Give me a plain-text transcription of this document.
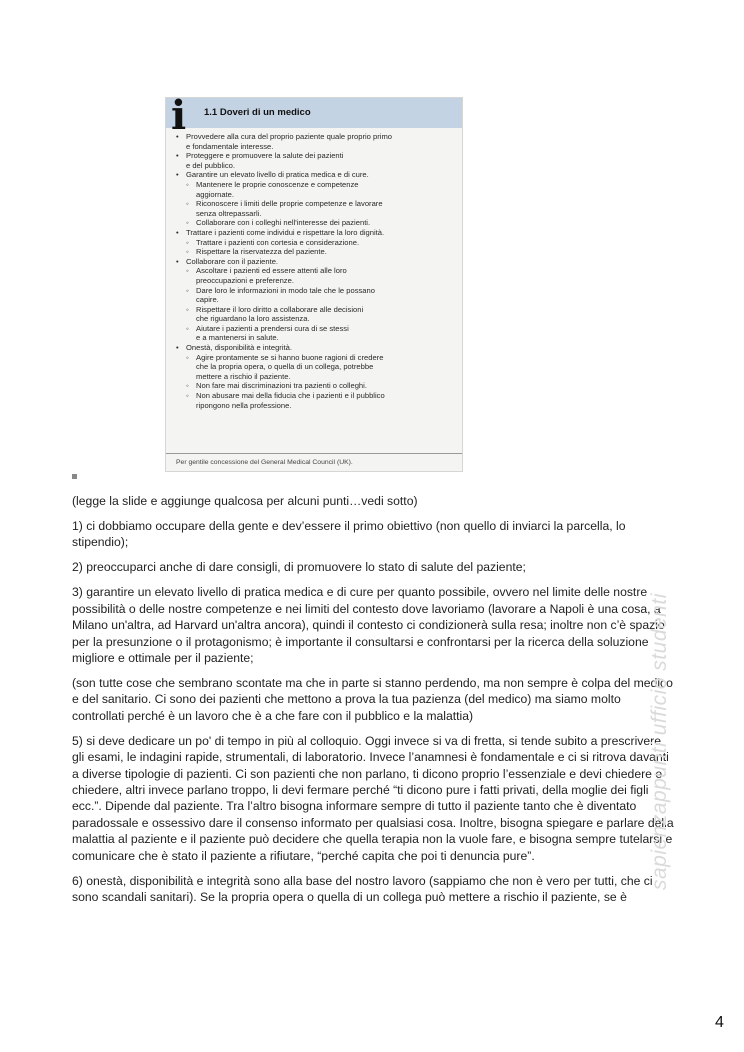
i 1.1 Doveri di un medico
• Provvedere alla cura del proprio paziente quale proprio primo
e fondamentale interesse.
• Proteggere e promuovere la salute dei pazienti
e del pubblico.
• Garantire un elevato livello di pratica medica e di cure.
◦ Mantenere le proprie conoscenze e competenze
aggiornate.
◦ Riconoscere i limiti delle proprie competenze e lavorare
senza oltrepassarli.
◦ Collaborare con i colleghi nell'interesse dei pazienti.
• Trattare i pazienti come individui e rispettare la loro dignità.
◦ Trattare i pazienti con cortesia e considerazione.
◦ Rispettare la riservatezza del paziente.
• Collaborare con il paziente.
◦ Ascoltare i pazienti ed essere attenti alle loro
preoccupazioni e preferenze.
◦ Dare loro le informazioni in modo tale che le possano
capire.
◦ Rispettare il loro diritto a collaborare alle decisioni
che riguardano la loro assistenza.
◦ Aiutare i pazienti a prendersi cura di se stessi
e a mantenersi in salute.
• Onestà, disponibilità e integrità.
◦ Agire prontamente se si hanno buone ragioni di credere
che la propria opera, o quella di un collega, potrebbe
mettere a rischio il paziente.
◦ Non fare mai discriminazioni tra pazienti o colleghi.
◦ Non abusare mai della fiducia che i pazienti e il pubblico
ripongono nella professione.
Per gentile concessione del General Medical Council (UK).

(legge la slide e aggiunge qualcosa per alcuni punti…vedi sotto)

1) ci dobbiamo occupare della gente e dev’essere il primo obiettivo (non quello di inviarci la parcella, lo stipendio);

2) preoccuparci anche di dare consigli, di promuovere lo stato di salute del paziente;

3) garantire un elevato livello di pratica medica e di cure per quanto possibile, ovvero nel limite delle nostre possibilità o delle nostre competenze e nei limiti del contesto dove lavoriamo (lavorare a Napoli è una cosa, a Milano un'altra, ad Harvard un'altra ancora), quindi il contesto ci condizionerà sulla resa; inoltre non c’è spazio per la presunzione o il protagonismo; è importante il consultarsi e confrontarsi per la ricerca della soluzione migliore e ottimale per il paziente;

(son tutte cose che sembrano scontate ma che in parte si stanno perdendo, ma non sempre è colpa del medico e del sanitario. Ci sono dei pazienti che mettono a prova la tua pazienza (del medico) ma siamo molto controllati perché è un lavoro che è a che fare con il pubblico e la malattia)

5) si deve dedicare un po' di tempo in più al colloquio. Oggi invece si va di fretta, si tende subito a prescrivere gli esami, le indagini rapide, strumentali, di laboratorio. Invece l’anamnesi è fondamentale e ci si ritrova davanti a diverse tipologie di pazienti. Ci son pazienti che non parlano, ti dicono proprio l’essenziale e devi chiedere e chiedere, altri invece parlano troppo, li devi fermare perché “ti dicono pure i fatti privati, della moglie dei figli ecc.”. Dipende dal paziente. Tra l’altro bisogna informare sempre di tutto il paziente tanto che è diventato paradossale e ossessivo dare il consenso informato per qualsiasi cosa. Inoltre, bisogna spiegare e parlare della malattia al paziente e il paziente può decidere che quella terapia non la vuole fare, e bisogna sempre tutelarsi e comunicare che è stato il paziente a rifiutare, “perché capita che poi ti denuncia pure”.

6) onestà, disponibilità e integrità sono alla base del nostro lavoro (sappiamo che non è vero per tutti, che ci sono scandali sanitari). Se la propria opera o quella di un collega può mettere a rischio il paziente, se è

sapienzappunti ufficio studenti
4
